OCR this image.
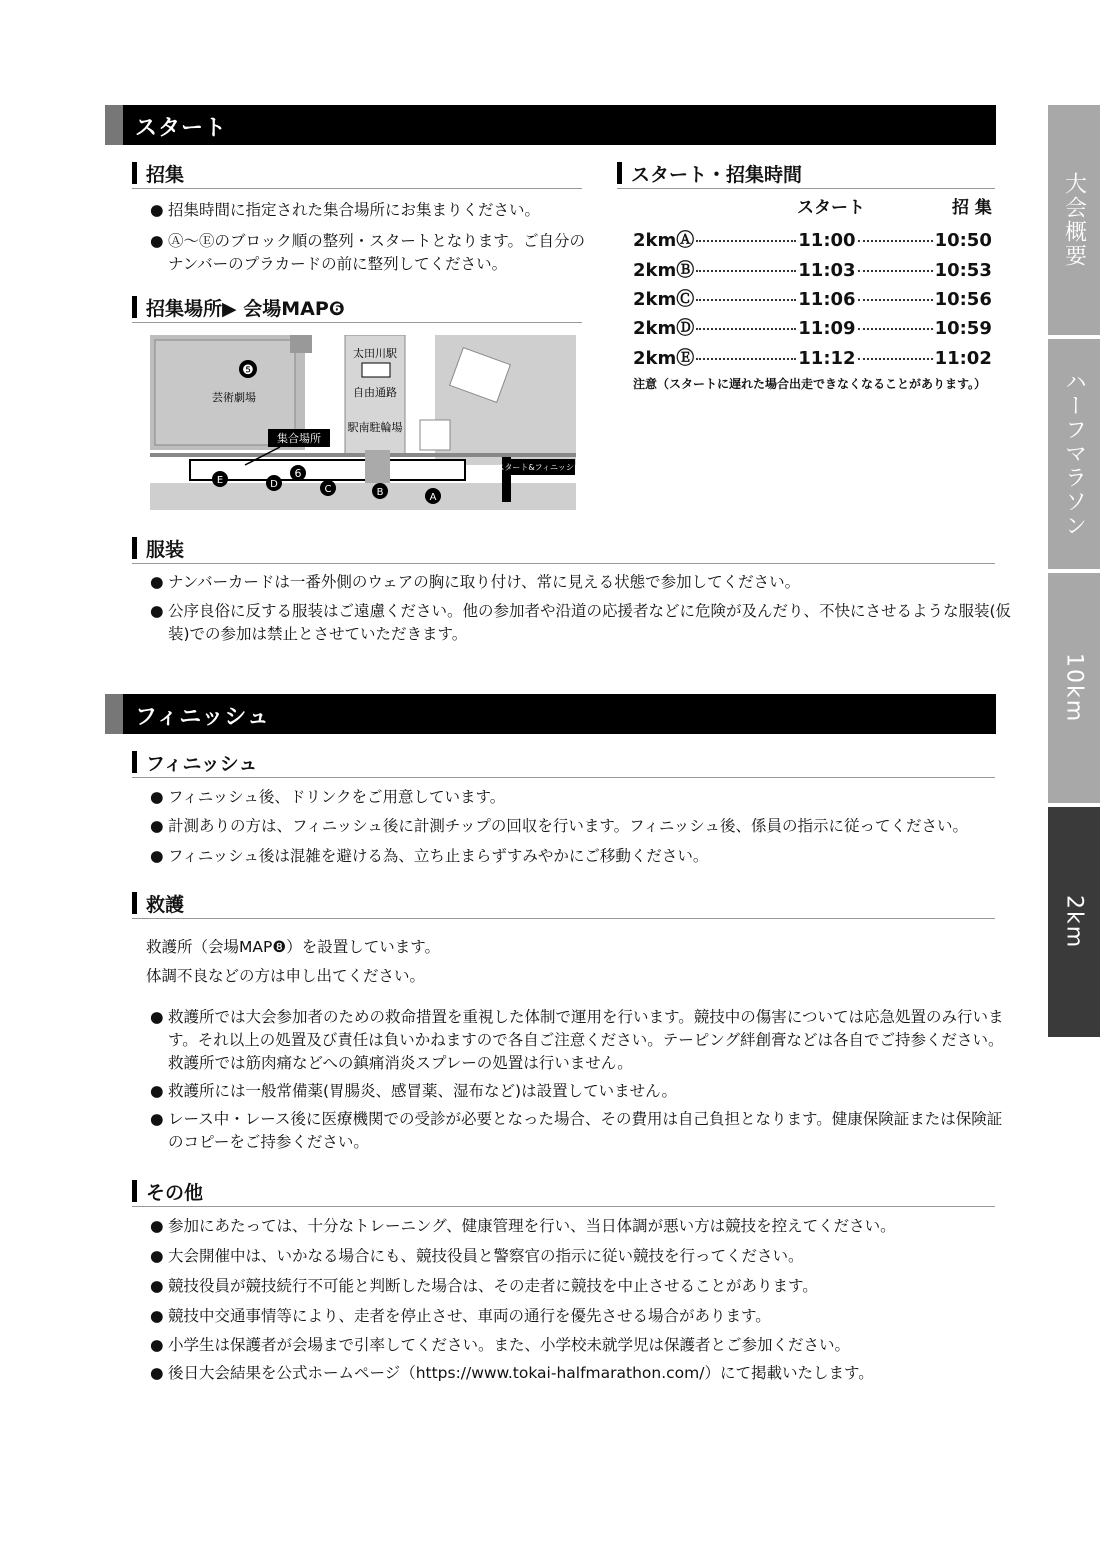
スタート
招集
● 招集時間に指定された集合場所にお集まりください。
● Ⓐ～Ⓔのブロック順の整列・スタートとなります。ご自分のナンバーのプラカードの前に整列してください。
招集場所▶ 会場MAP❻
❺
芸術劇場
太田川駅
自由通路
駅南駐輪場
集合場所
スタート&フィニッシュ
6
A
B
C
D
E
スタート・招集時間
スタート	招 集
2kmⒶ	11:00	10:50
2kmⒷ	11:03	10:53
2kmⒸ	11:06	10:56
2kmⒹ	11:09	10:59
2kmⒺ	11:12	11:02
注意（スタートに遅れた場合出走できなくなることがあります。）
服装
● ナンバーカードは一番外側のウェアの胸に取り付け、常に見える状態で参加してください。
● 公序良俗に反する服装はご遠慮ください。他の参加者や沿道の応援者などに危険が及んだり、不快にさせるような服装(仮装)での参加は禁止とさせていただきます。
フィニッシュ
フィニッシュ
● フィニッシュ後、ドリンクをご用意しています。
● 計測ありの方は、フィニッシュ後に計測チップの回収を行います。フィニッシュ後、係員の指示に従ってください。
● フィニッシュ後は混雑を避ける為、立ち止まらずすみやかにご移動ください。
救護
救護所（会場MAP❽）を設置しています。
体調不良などの方は申し出てください。
● 救護所では大会参加者のための救命措置を重視した体制で運用を行います。競技中の傷害については応急処置のみ行います。それ以上の処置及び責任は負いかねますので各自ご注意ください。テーピング絆創膏などは各自でご持参ください。救護所では筋肉痛などへの鎮痛消炎スプレーの処置は行いません。
● 救護所には一般常備薬(胃腸炎、感冒薬、湿布など)は設置していません。
● レース中・レース後に医療機関での受診が必要となった場合、その費用は自己負担となります。健康保険証または保険証のコピーをご持参ください。
その他
● 参加にあたっては、十分なトレーニング、健康管理を行い、当日体調が悪い方は競技を控えてください。
● 大会開催中は、いかなる場合にも、競技役員と警察官の指示に従い競技を行ってください。
● 競技役員が競技続行不可能と判断した場合は、その走者に競技を中止させることがあります。
● 競技中交通事情等により、走者を停止させ、車両の通行を優先させる場合があります。
● 小学生は保護者が会場まで引率してください。また、小学校未就学児は保護者とご参加ください。
● 後日大会結果を公式ホームページ（https://www.tokai-halfmarathon.com/）にて掲載いたします。
大会概要
ハーフマラソン
10km
2km
